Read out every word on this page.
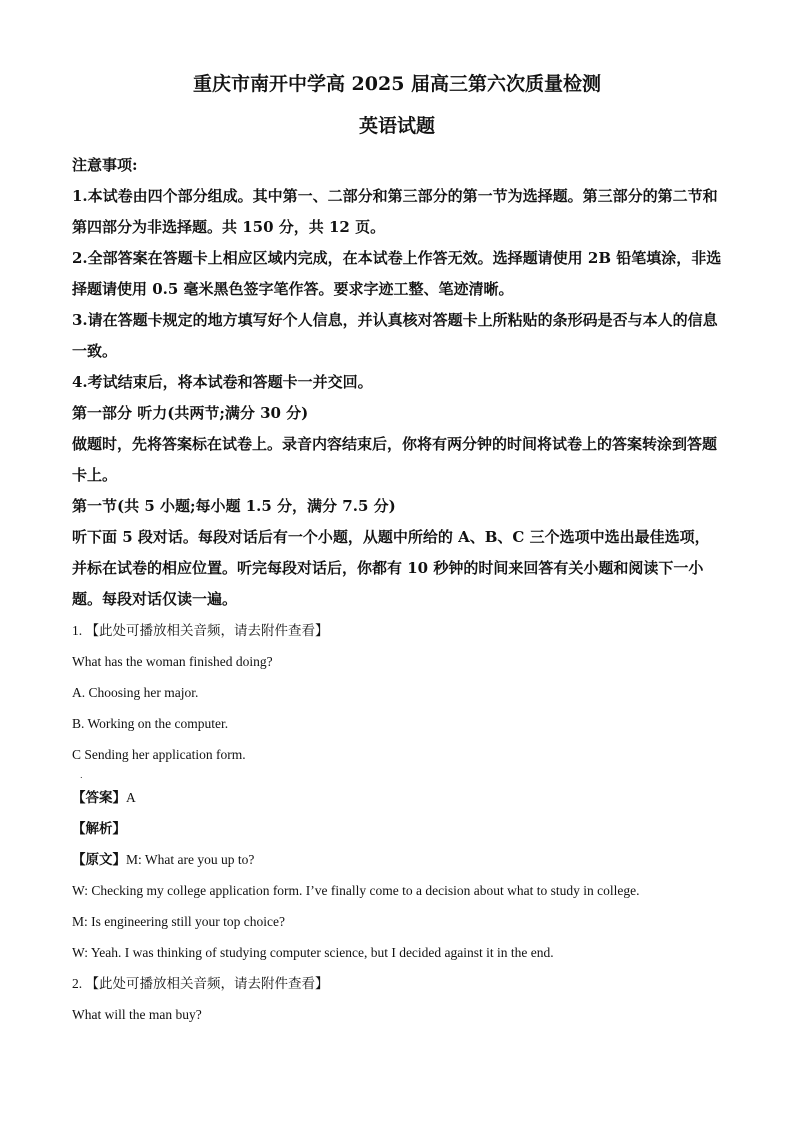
重庆市南开中学高 2025 届高三第六次质量检测
英语试题

注意事项:

1.本试卷由四个部分组成。其中第一、二部分和第三部分的第一节为选择题。第三部分的第二节和第四部分为非选择题。共 150 分，共 12 页。

2.全部答案在答题卡上相应区域内完成，在本试卷上作答无效。选择题请使用 2B 铅笔填涂，非选择题请使用 0.5 毫米黑色签字笔作答。要求字迹工整、笔迹清晰。

3.请在答题卡规定的地方填写好个人信息，并认真核对答题卡上所粘贴的条形码是否与本人的信息一致。

4.考试结束后，将本试卷和答题卡一并交回。

第一部分 听力(共两节;满分 30 分)

做题时，先将答案标在试卷上。录音内容结束后，你将有两分钟的时间将试卷上的答案转涂到答题卡上。

第一节(共 5 小题;每小题 1.5 分，满分 7.5 分)

听下面 5 段对话。每段对话后有一个小题，从题中所给的 A、B、C 三个选项中选出最佳选项，并标在试卷的相应位置。听完每段对话后，你都有 10 秒钟的时间来回答有关小题和阅读下一小题。每段对话仅读一遍。

1. 【此处可播放相关音频，请去附件查看】

What has the woman finished doing?

A. Choosing her major.

B. Working on the computer.

C Sending her application form.

.

【答案】A

【解析】

【原文】M: What are you up to?

W: Checking my college application form. I’ve finally come to a decision about what to study in college.

M: Is engineering still your top choice?

W: Yeah. I was thinking of studying computer science, but I decided against it in the end.

2. 【此处可播放相关音频，请去附件查看】

What will the man buy?
